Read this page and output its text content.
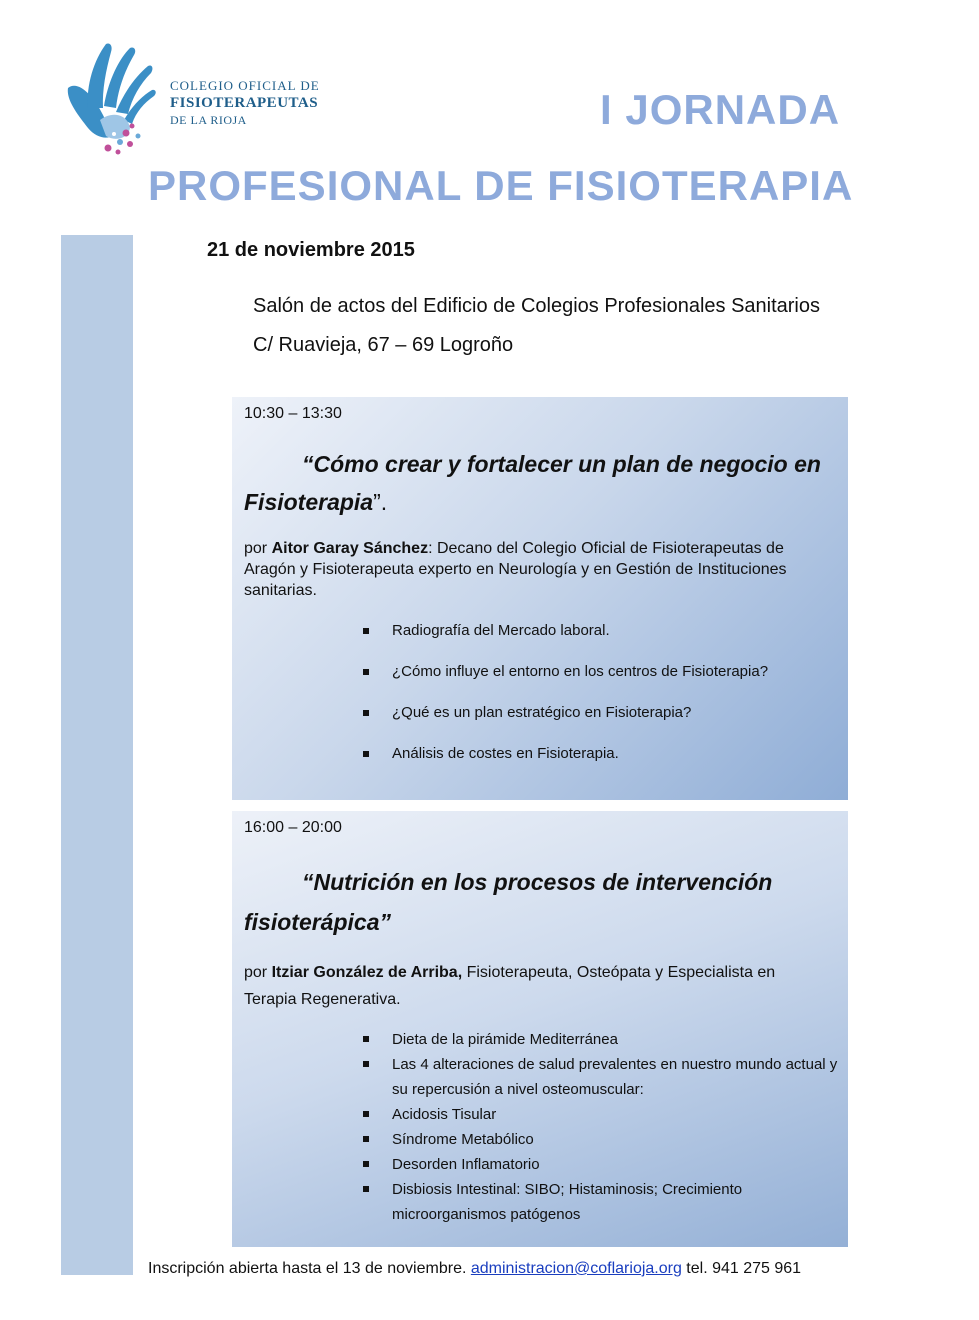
COLEGIO OFICIAL DE
FISIOTERAPEUTAS
DE LA RIOJA	I JORNADA
PROFESIONAL DE FISIOTERAPIA
21 de noviembre 2015
Salón de actos del Edificio de Colegios Profesionales Sanitarios
C/ Ruavieja, 67 – 69 Logroño
10:30 – 13:30
“Cómo crear y fortalecer un plan de negocio en
Fisioterapia”.
por Aitor Garay Sánchez: Decano del Colegio Oficial de Fisioterapeutas de Aragón y Fisioterapeuta experto en Neurología y en Gestión de Instituciones sanitarias.
Radiografía del Mercado laboral.
¿Cómo influye el entorno en los centros de Fisioterapia?
¿Qué es un plan estratégico en Fisioterapia?
Análisis de costes en Fisioterapia.
16:00 – 20:00
“Nutrición en los procesos de intervención
fisioterápica”
por Itziar González de Arriba, Fisioterapeuta, Osteópata y Especialista en Terapia Regenerativa.
Dieta de la pirámide Mediterránea
Las 4 alteraciones de salud prevalentes en nuestro mundo actual y su repercusión a nivel osteomuscular:
Acidosis Tisular
Síndrome Metabólico
Desorden Inflamatorio
Disbiosis Intestinal: SIBO; Histaminosis; Crecimiento microorganismos patógenos
Inscripción abierta hasta el 13 de noviembre. administracion@coflarioja.org tel. 941 275 961
